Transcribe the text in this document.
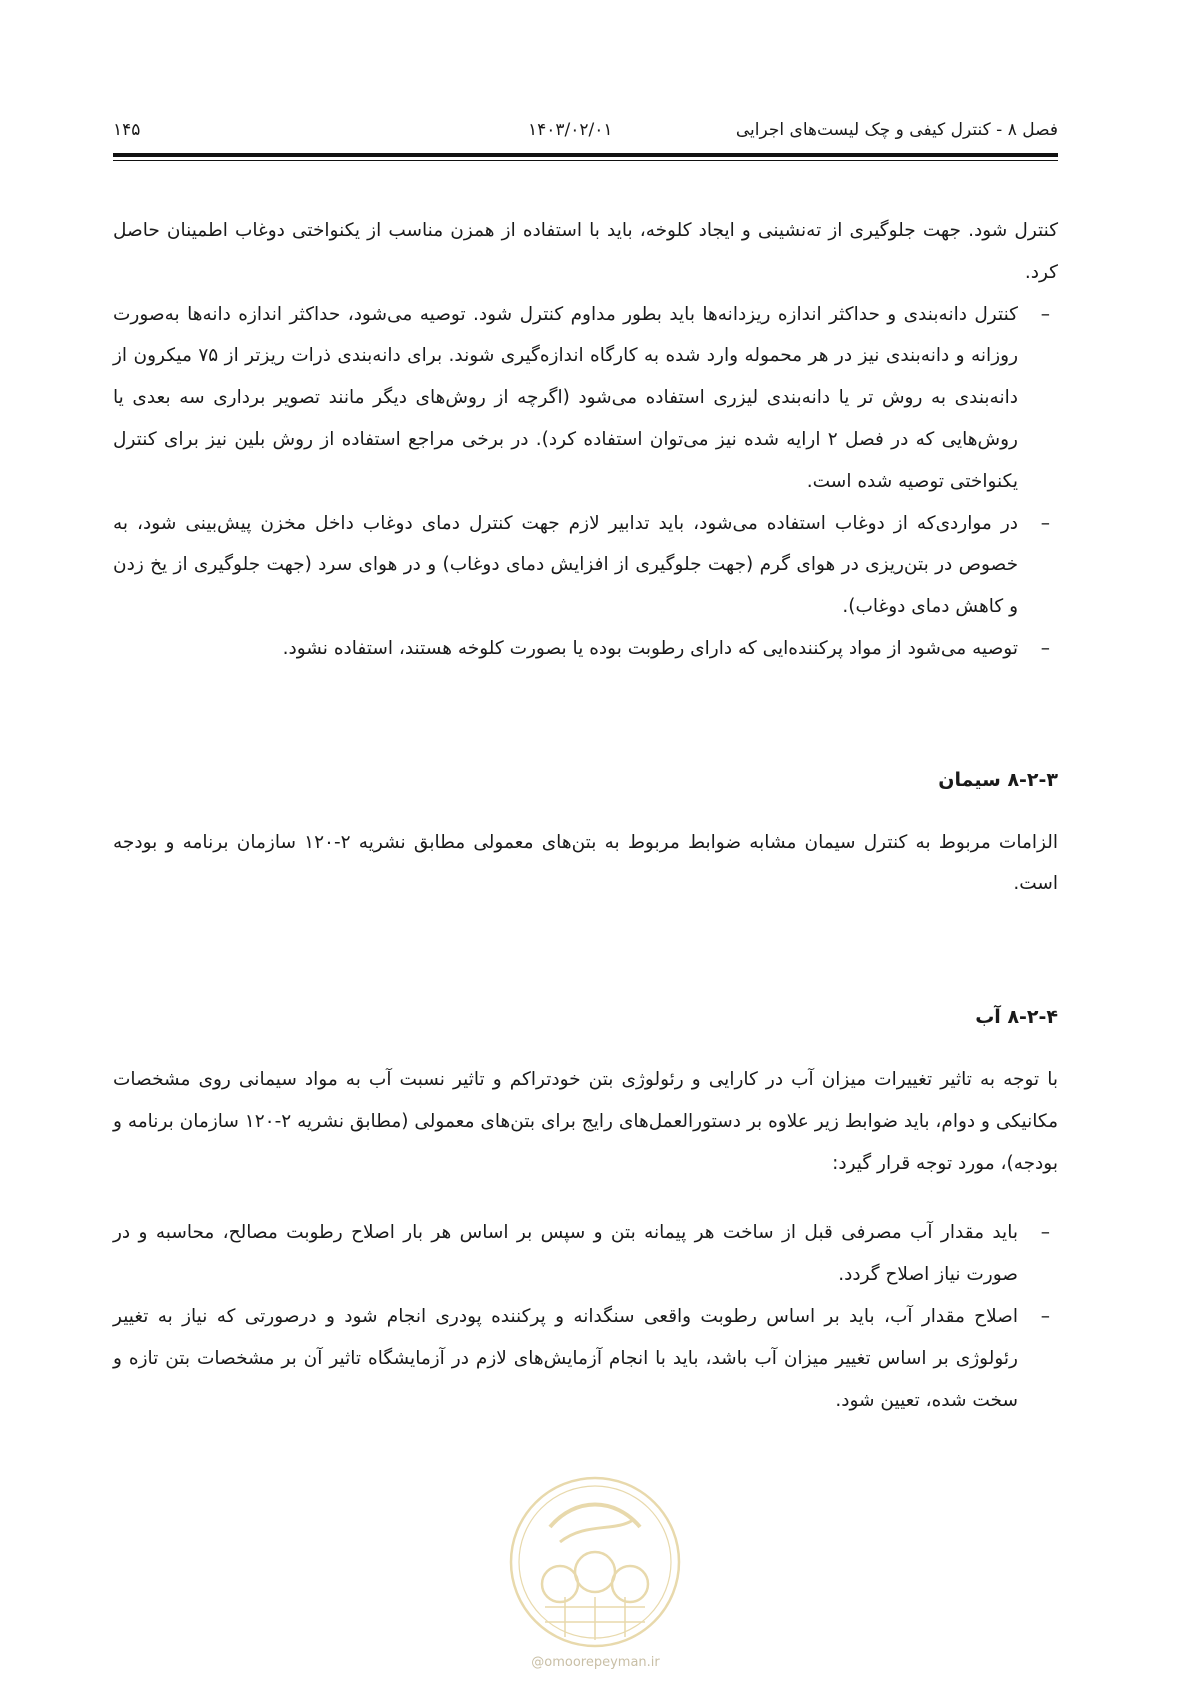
فصل ۸ - کنترل کیفی و چک لیست‌های اجرایی
۱۴۰۳/۰۲/۰۱
۱۴۵

کنترل شود. جهت جلوگیری از ته‌نشینی و ایجاد کلوخه، باید با استفاده از همزن مناسب از یکنواختی دوغاب اطمینان حاصل کرد.

–
کنترل دانه‌بندی و حداکثر اندازه ریزدانه‌ها باید بطور مداوم کنترل شود. توصیه می‌شود، حداکثر اندازه دانه‌ها به‌صورت روزانه و دانه‌بندی نیز در هر محموله وارد شده به کارگاه اندازه‌گیری شوند. برای دانه‌بندی ذرات ریزتر از ۷۵ میکرون از دانه‌بندی به روش تر یا دانه‌بندی لیزری استفاده می‌شود (اگرچه از روش‌های دیگر مانند تصویر برداری سه بعدی یا روش‌هایی که در فصل ۲ ارایه شده نیز می‌توان استفاده کرد). در برخی مراجع استفاده از روش بلین نیز برای کنترل یکنواختی توصیه شده است.
–
در مواردی‌که از دوغاب استفاده می‌شود، باید تدابیر لازم جهت کنترل دمای دوغاب داخل مخزن پیش‌بینی شود، به خصوص در بتن‌ریزی در هوای گرم (جهت جلوگیری از افزایش دمای دوغاب) و در هوای سرد (جهت جلوگیری از یخ زدن و کاهش دمای دوغاب).
–
توصیه می‌شود از مواد پرکننده‌ایی که دارای رطوبت بوده یا بصورت کلوخه هستند، استفاده نشود.
۸-۲-۳ سیمان

الزامات مربوط به کنترل سیمان مشابه ضوابط مربوط به بتن‌های معمولی مطابق نشریه ۲-۱۲۰ سازمان برنامه و بودجه است.

۸-۲-۴ آب

با توجه به تاثیر تغییرات میزان آب در کارایی و رئولوژی بتن خودتراکم و تاثیر نسبت آب به مواد سیمانی روی مشخصات مکانیکی و دوام، باید ضوابط زیر علاوه بر دستورالعمل‌های رایج برای بتن‌های معمولی (مطابق نشریه ۲-۱۲۰ سازمان برنامه و بودجه)، مورد توجه قرار گیرد:

–
باید مقدار آب مصرفی قبل از ساخت هر پیمانه بتن و سپس بر اساس هر بار اصلاح رطوبت مصالح، محاسبه و در صورت نیاز اصلاح گردد.
–
اصلاح مقدار آب، باید بر اساس رطوبت واقعی سنگدانه و پرکننده پودری انجام شود و درصورتی که نیاز به تغییر رئولوژی بر اساس تغییر میزان آب باشد، باید با انجام آزمایش‌های لازم در آزمایشگاه تاثیر آن بر مشخصات بتن تازه و سخت شده، تعیین شود.
@omoorepeyman.ir
